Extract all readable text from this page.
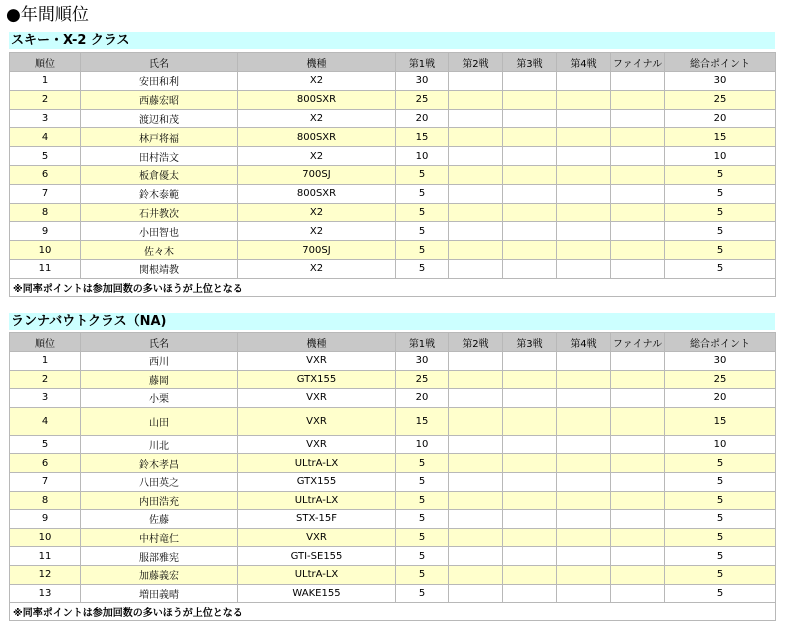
●年間順位
スキー・X-2 クラス
順位	氏名	機種	第1戦	第2戦	第3戦	第4戦	ファイナル	総合ポイント
1	安田和利	X2	30					30
2	西藤宏昭	800SXR	25					25
3	渡辺和茂	X2	20					20
4	林戸将福	800SXR	15					15
5	田村浩文	X2	10					10
6	板倉優太	700SJ	5					5
7	鈴木泰範	800SXR	5					5
8	石井教次	X2	5					5
9	小田智也	X2	5					5
10	佐々木	700SJ	5					5
11	関根靖教	X2	5					5
※同率ポイントは参加回数の多いほうが上位となる								
ランナバウトクラス（NA)
順位	氏名	機種	第1戦	第2戦	第3戦	第4戦	ファイナル	総合ポイント
1	西川	VXR	30					30
2	藤岡	GTX155	25					25
3	小栗	VXR	20					20
4	山田	VXR	15					15
5	川北	VXR	10					10
6	鈴木孝昌	ULtrA-LX	5					5
7	八田英之	GTX155	5					5
8	内田浩充	ULtrA-LX	5					5
9	佐藤	STX-15F	5					5
10	中村竜仁	VXR	5					5
11	服部雅宪	GTI-SE155	5					5
12	加藤義宏	ULtrA-LX	5					5
13	増田義晴	WAKE155	5					5
※同率ポイントは参加回数の多いほうが上位となる								
